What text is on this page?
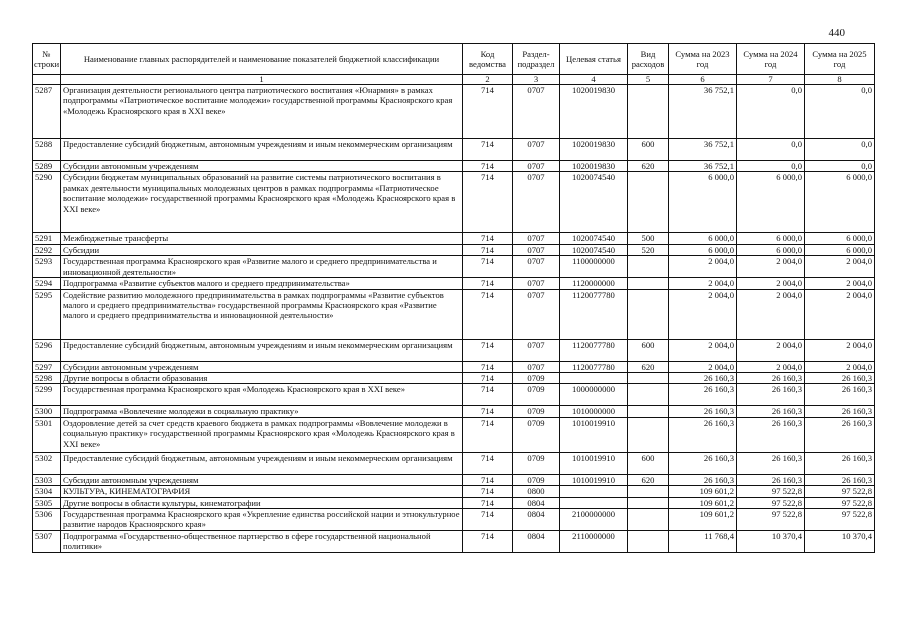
440
№ строки	Наименование главных распорядителей и наименование показателей бюджетной классификации	Код ведомства	Раздел-подраздел	Целевая статья	Вид расходов	Сумма на 2023 год	Сумма на 2024 год	Сумма на 2025 год
	1	2	3	4	5	6	7	8
5287	Организация деятельности регионального центра патриотического воспитания «Юнармия» в рамках подпрограммы «Патриотическое воспитание молодежи» государственной программы Красноярского края «Молодежь Красноярского края в XXI веке»	714	0707	1020019830		36 752,1	0,0	0,0
5288	Предоставление субсидий бюджетным, автономным учреждениям и иным некоммерческим организациям	714	0707	1020019830	600	36 752,1	0,0	0,0
5289	Субсидии автономным учреждениям	714	0707	1020019830	620	36 752,1	0,0	0,0
5290	Субсидии бюджетам муниципальных образований на развитие системы патриотического воспитания в рамках деятельности муниципальных молодежных центров в рамках подпрограммы «Патриотическое воспитание молодежи» государственной программы Красноярского края «Молодежь Красноярского края в XXI веке»	714	0707	1020074540		6 000,0	6 000,0	6 000,0
5291	Межбюджетные трансферты	714	0707	1020074540	500	6 000,0	6 000,0	6 000,0
5292	Субсидии	714	0707	1020074540	520	6 000,0	6 000,0	6 000,0
5293	Государственная программа Красноярского края «Развитие малого и среднего предпринимательства и инновационной деятельности»	714	0707	1100000000		2 004,0	2 004,0	2 004,0
5294	Подпрограмма «Развитие субъектов малого и среднего предпринимательства»	714	0707	1120000000		2 004,0	2 004,0	2 004,0
5295	Содействие развитию молодежного предпринимательства в рамках подпрограммы «Развитие субъектов малого и среднего предпринимательства» государственной программы Красноярского края «Развитие малого и среднего предпринимательства и инновационной деятельности»	714	0707	1120077780		2 004,0	2 004,0	2 004,0
5296	Предоставление субсидий бюджетным, автономным учреждениям и иным некоммерческим организациям	714	0707	1120077780	600	2 004,0	2 004,0	2 004,0
5297	Субсидии автономным учреждениям	714	0707	1120077780	620	2 004,0	2 004,0	2 004,0
5298	Другие вопросы в области образования	714	0709			26 160,3	26 160,3	26 160,3
5299	Государственная программа Красноярского края «Молодежь Красноярского края в XXI веке»	714	0709	1000000000		26 160,3	26 160,3	26 160,3
5300	Подпрограмма «Вовлечение молодежи в социальную практику»	714	0709	1010000000		26 160,3	26 160,3	26 160,3
5301	Оздоровление детей за счет средств краевого бюджета в рамках подпрограммы «Вовлечение молодежи в социальную практику» государственной программы Красноярского края «Молодежь Красноярского края в XXI веке»	714	0709	1010019910		26 160,3	26 160,3	26 160,3
5302	Предоставление субсидий бюджетным, автономным учреждениям и иным некоммерческим организациям	714	0709	1010019910	600	26 160,3	26 160,3	26 160,3
5303	Субсидии автономным учреждениям	714	0709	1010019910	620	26 160,3	26 160,3	26 160,3
5304	КУЛЬТУРА, КИНЕМАТОГРАФИЯ	714	0800			109 601,2	97 522,8	97 522,8
5305	Другие вопросы в области культуры, кинематографии	714	0804			109 601,2	97 522,8	97 522,8
5306	Государственная программа Красноярского края «Укрепление единства российской нации и этнокультурное развитие народов Красноярского края»	714	0804	2100000000		109 601,2	97 522,8	97 522,8
5307	Подпрограмма «Государственно-общественное партнерство в сфере государственной национальной политики»	714	0804	2110000000		11 768,4	10 370,4	10 370,4
